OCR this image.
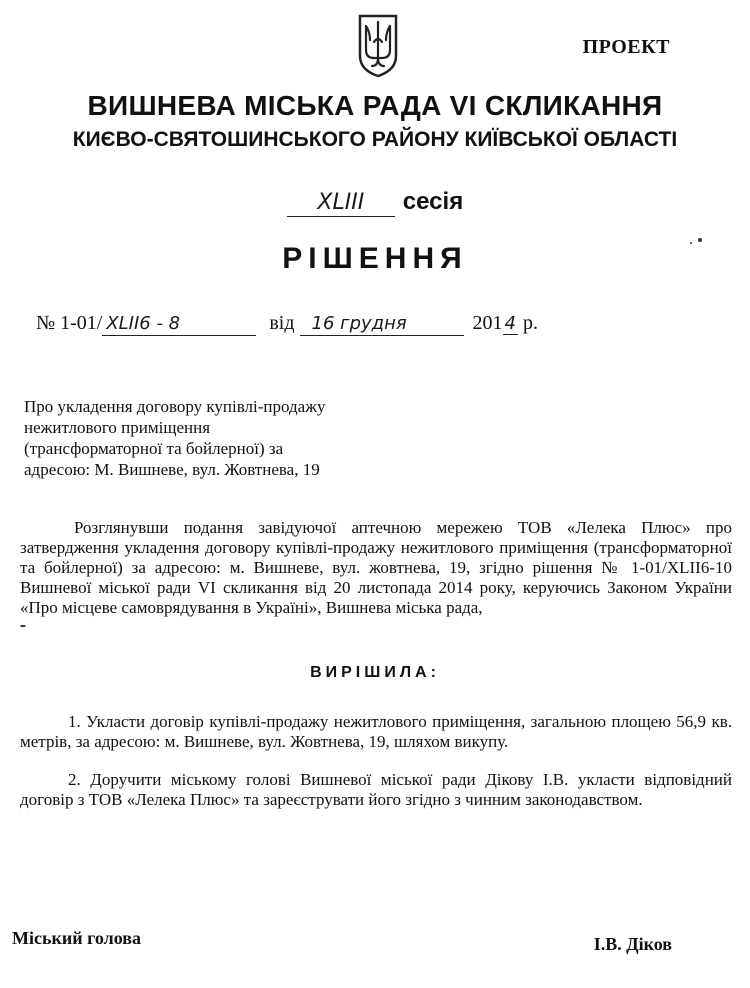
ПРОЕКТ
ВИШНЕВА МІСЬКА РАДА VI СКЛИКАННЯ
КИЄВО-СВЯТОШИНСЬКОГО РАЙОНУ КИЇВСЬКОЇ ОБЛАСТІ
XLIII сесія
РІШЕННЯ
№ 1-01/ XLII6 - 8	від 16 грудня	201 4 р.
Про укладення договору купівлі-продажу
нежитлового приміщення
(трансформаторної та бойлерної) за
адресою: М. Вишневе, вул. Жовтнева, 19
Розглянувши подання завідуючої аптечною мережею ТОВ «Лелека Плюс» про затвердження укладення договору купівлі-продажу нежитлового приміщення (трансформаторної та бойлерної) за адресою: м. Вишневе, вул. жовтнева, 19, згідно рішення № 1-01/XLII6-10 Вишневої міської ради VI скликання від 20 листопада 2014 року, керуючись Законом України «Про місцеве самоврядування в Україні», Вишнева міська рада,
ВИРІШИЛА:
1. Укласти договір купівлі-продажу нежитлового приміщення, загальною площею 56,9 кв. метрів, за адресою: м. Вишневе, вул. Жовтнева, 19, шляхом викупу.
2. Доручити міському голові Вишневої міської ради Дікову І.В. укласти відповідний договір з ТОВ «Лелека Плюс» та зареєструвати його згідно з чинним законодавством.
Міський голова	І.В. Діков
